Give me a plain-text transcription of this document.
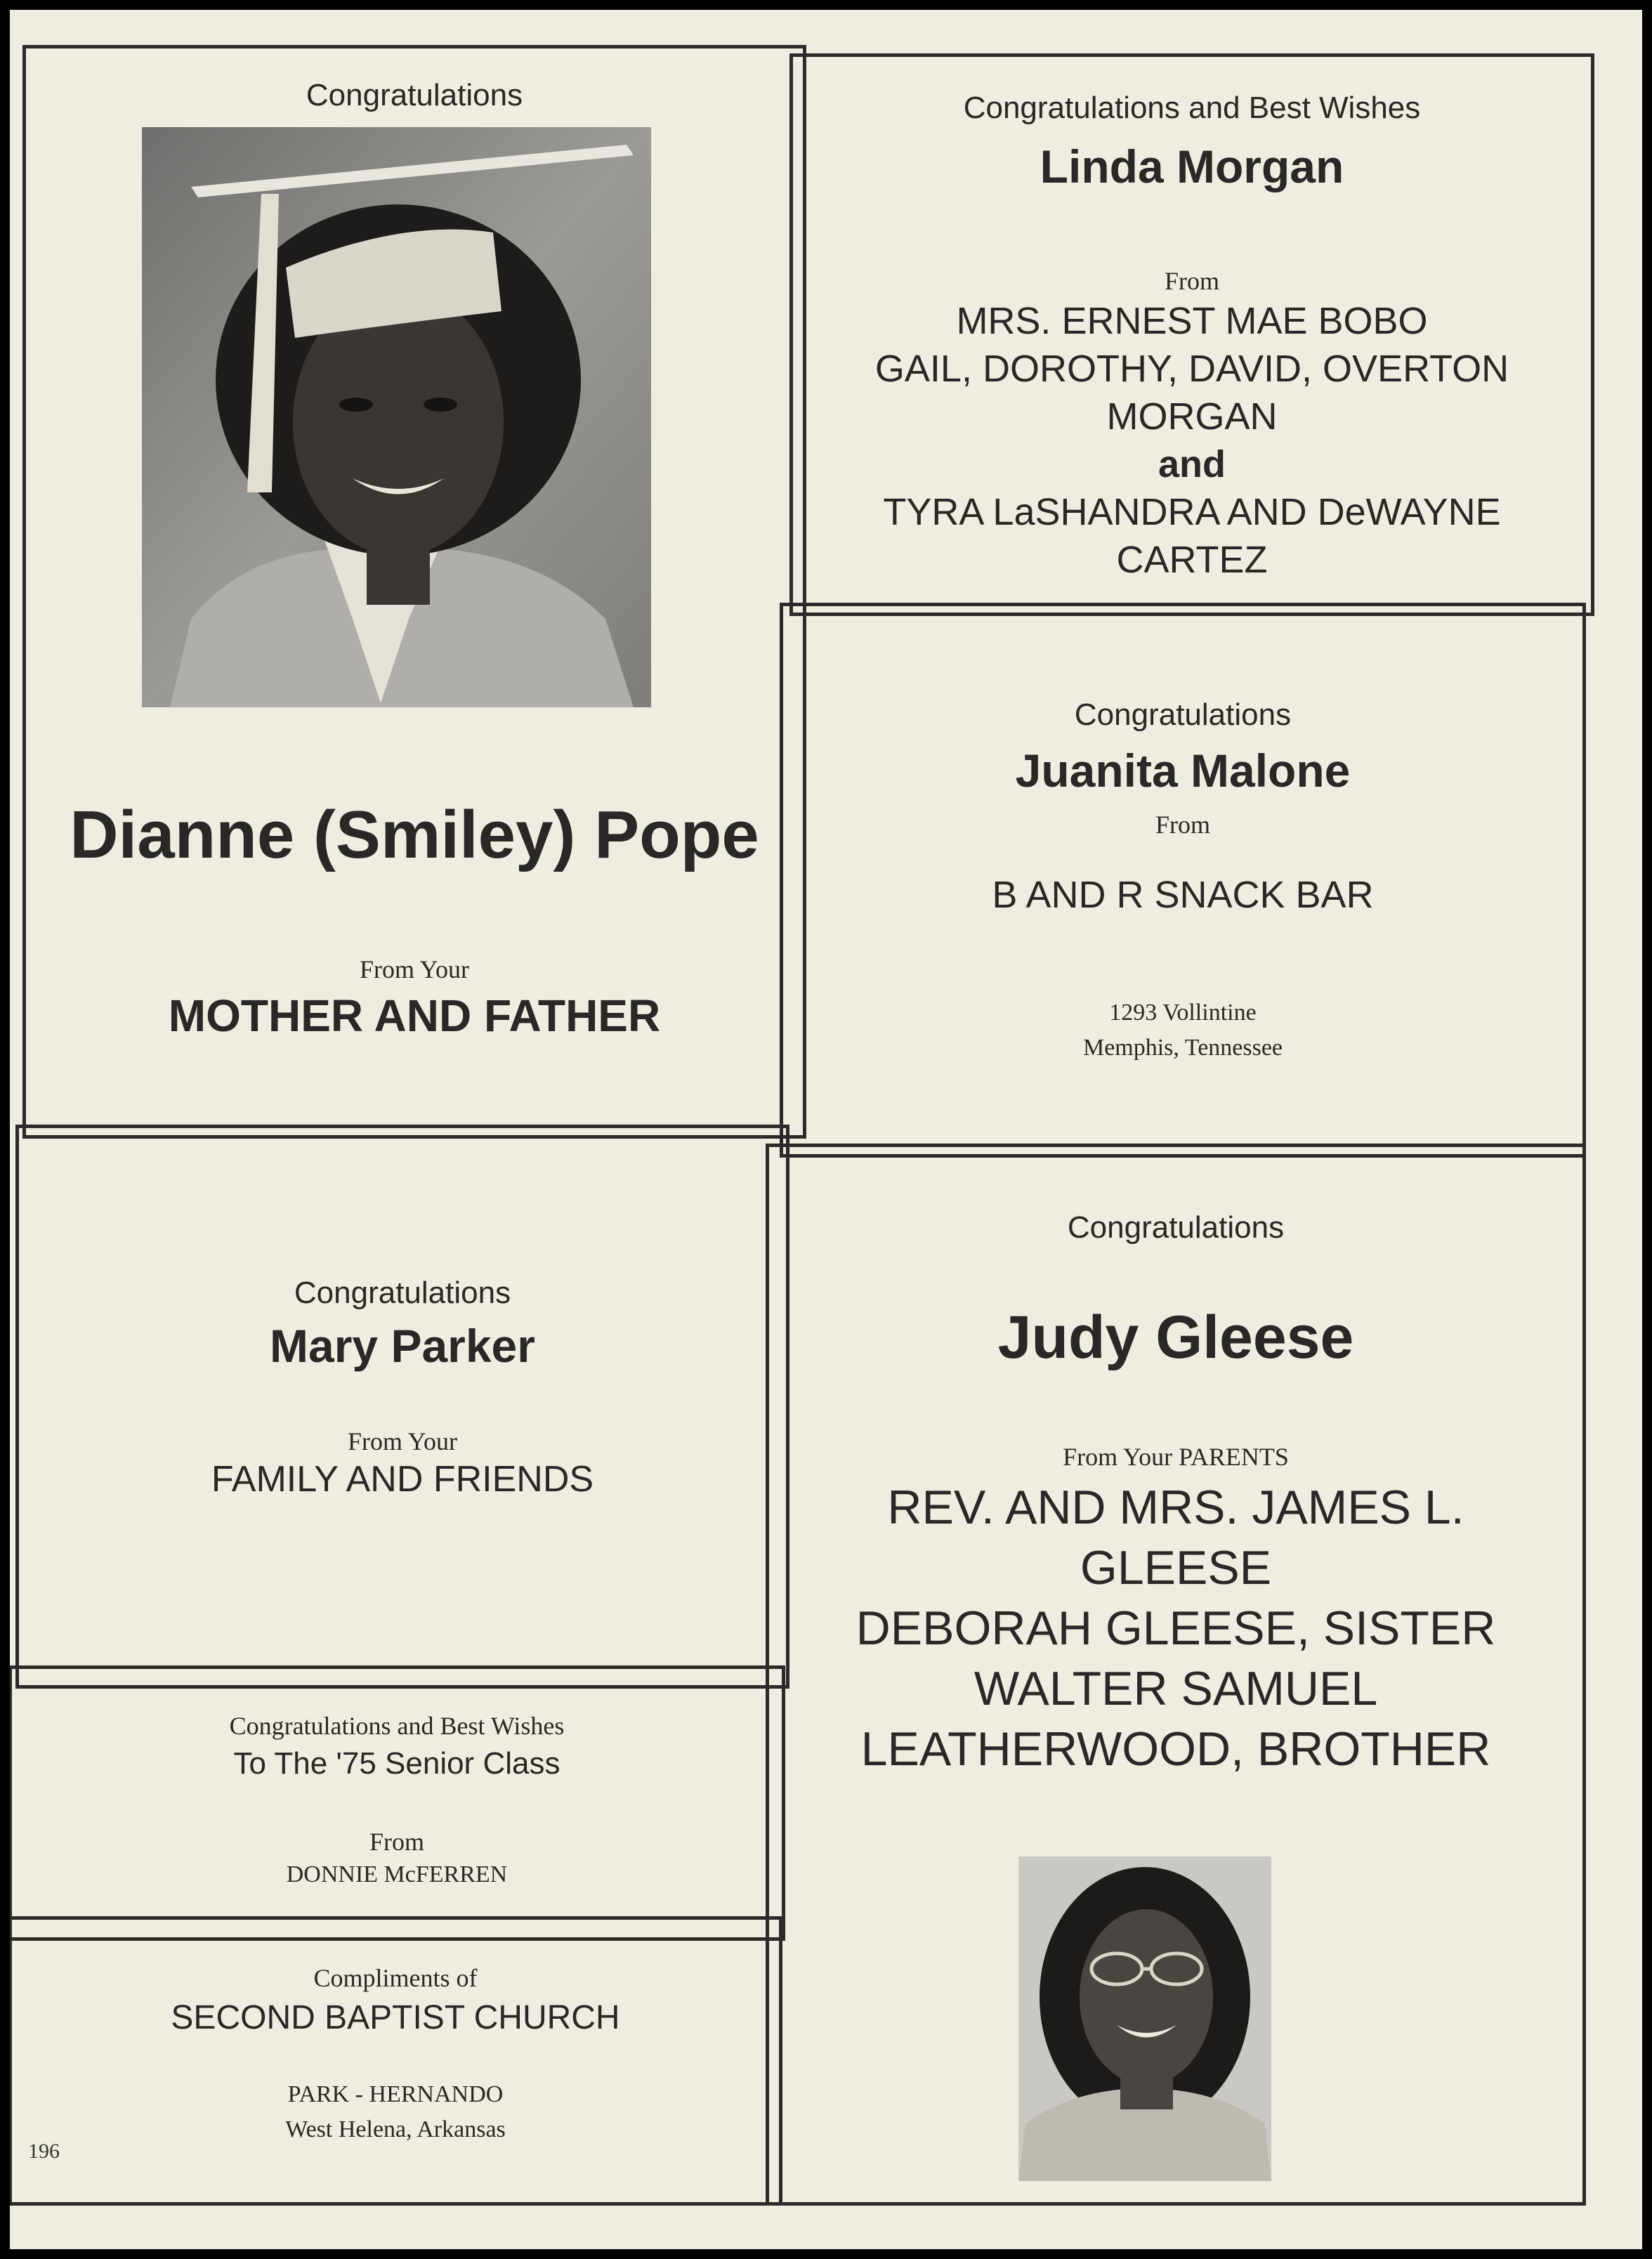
Congratulations
Dianne (Smiley) Pope
From Your
MOTHER AND FATHER
Congratulations and Best Wishes
Linda Morgan
From
MRS. ERNEST MAE BOBO
GAIL, DOROTHY, DAVID, OVERTON
MORGAN
and
TYRA LaSHANDRA AND DeWAYNE
CARTEZ
Congratulations
Juanita Malone
From
B AND R SNACK BAR
1293 Vollintine
Memphis, Tennessee
Congratulations
Mary Parker
From Your
FAMILY AND FRIENDS
Congratulations and Best Wishes
To The '75 Senior Class
From
DONNIE McFERREN
Compliments of
SECOND BAPTIST CHURCH
PARK - HERNANDO
West Helena, Arkansas
Congratulations
Judy Gleese
From Your PARENTS
REV. AND MRS. JAMES L.
GLEESE
DEBORAH GLEESE, SISTER
WALTER SAMUEL
LEATHERWOOD, BROTHER
196
